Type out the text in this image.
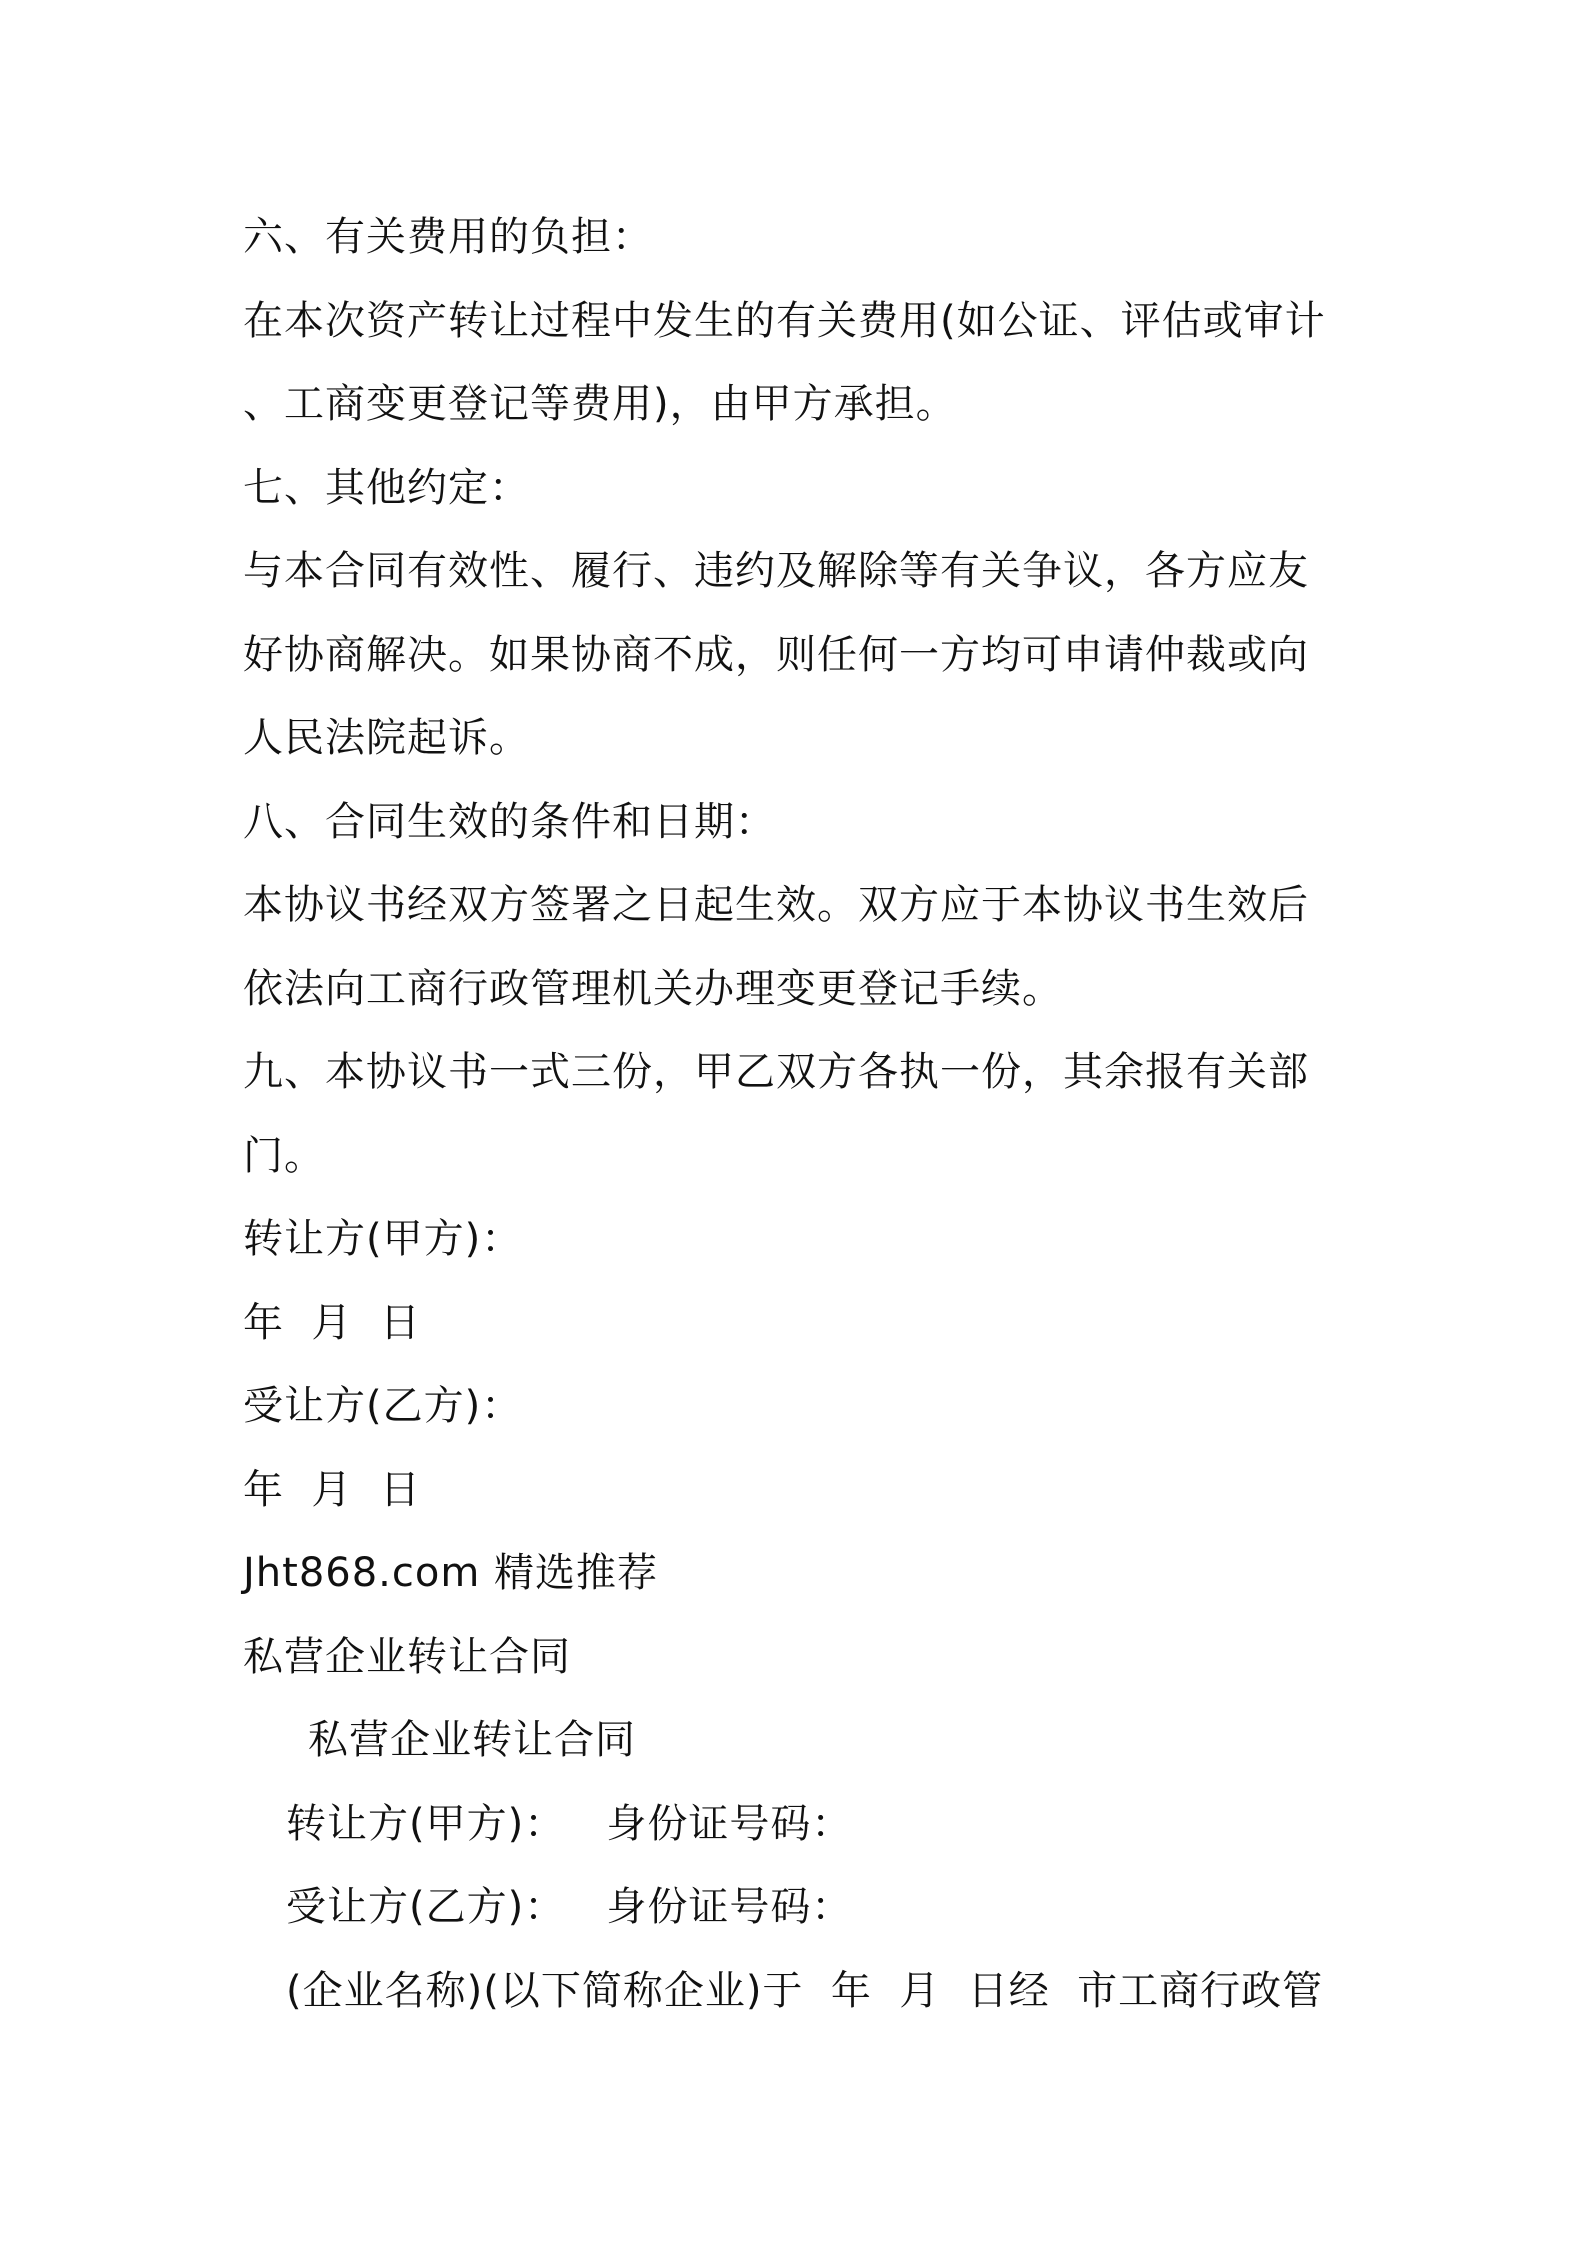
六、有关费用的负担：
在本次资产转让过程中发生的有关费用(如公证、评估或审计
、工商变更登记等费用)，由甲方承担。
七、其他约定：
与本合同有效性、履行、违约及解除等有关争议，各方应友
好协商解决。如果协商不成，则任何一方均可申请仲裁或向
人民法院起诉。
八、合同生效的条件和日期：
本协议书经双方签署之日起生效。双方应于本协议书生效后
依法向工商行政管理机关办理变更登记手续。
九、本协议书一式三份，甲乙双方各执一份，其余报有关部
门。
转让方(甲方)：
年  月  日
受让方(乙方)：
年  月  日
Jht868.com 精选推荐
私营企业转让合同
私营企业转让合同
转让方(甲方)：   身份证号码：
受让方(乙方)：   身份证号码：
(企业名称)(以下简称企业)于  年  月  日经  市工商行政管
